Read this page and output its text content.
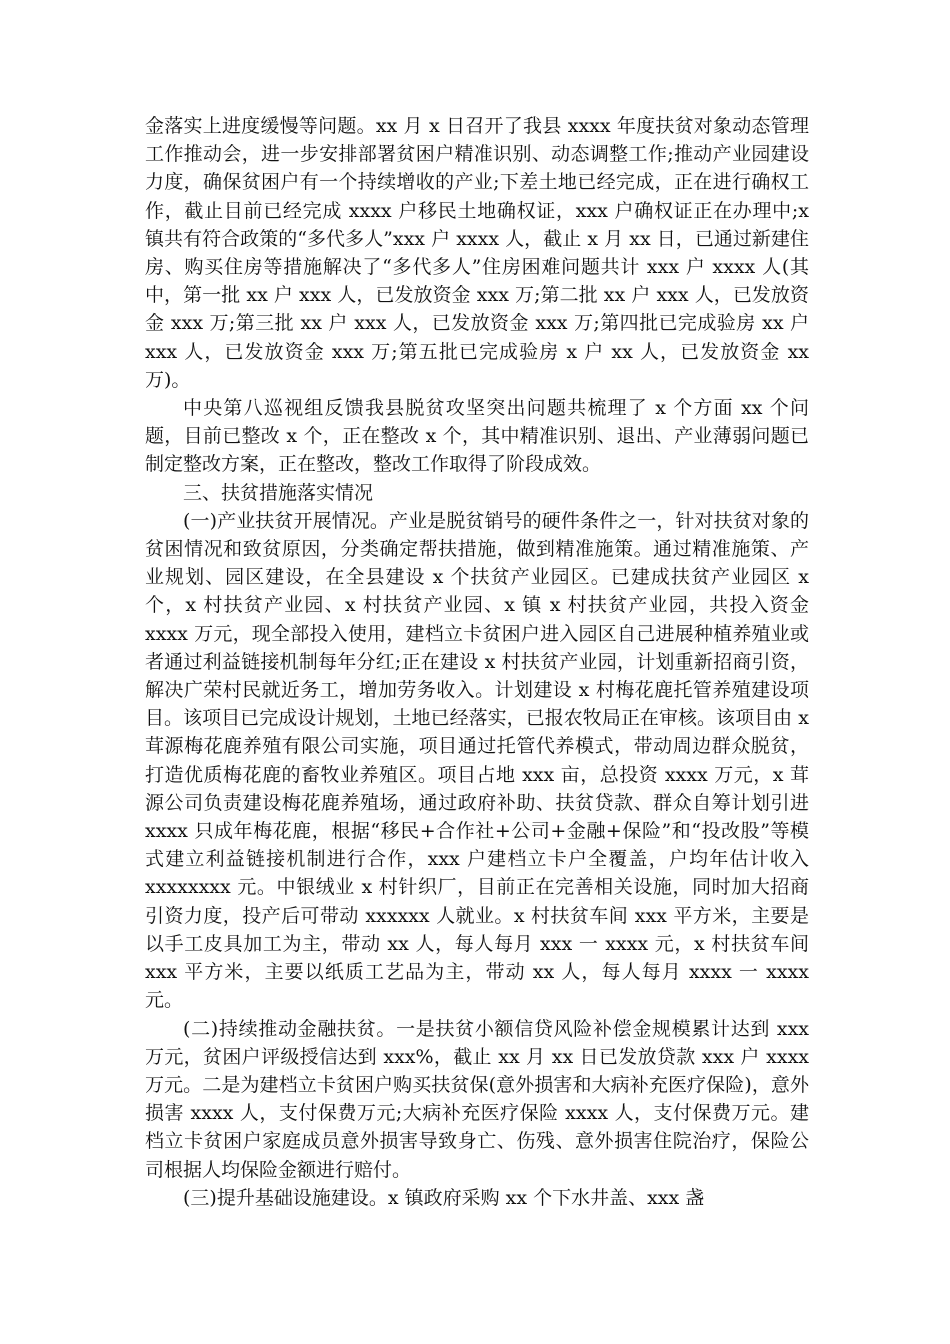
金落实上进度缓慢等问题。xx 月 x 日召开了我县 xxxx 年度扶贫对象动态管理工作推动会，进一步安排部署贫困户精准识别、动态调整工作;推动产业园建设力度，确保贫困户有一个持续增收的产业;下差土地已经完成，正在进行确权工作，截止目前已经完成 xxxx 户移民土地确权证，xxx 户确权证正在办理中;x 镇共有符合政策的“多代多人”xxx 户 xxxx 人，截止 x 月 xx 日，已通过新建住房、购买住房等措施解决了“多代多人”住房困难问题共计 xxx 户 xxxx 人(其中，第一批 xx 户 xxx 人，已发放资金 xxx 万;第二批 xx 户 xxx 人，已发放资金 xxx 万;第三批 xx 户 xxx 人，已发放资金 xxx 万;第四批已完成验房 xx 户 xxx 人，已发放资金 xxx 万;第五批已完成验房 x 户 xx 人，已发放资金 xx 万)。

中央第八巡视组反馈我县脱贫攻坚突出问题共梳理了 x 个方面 xx 个问题，目前已整改 x 个，正在整改 x 个，其中精准识别、退出、产业薄弱问题已制定整改方案，正在整改，整改工作取得了阶段成效。

三、扶贫措施落实情况

(一)产业扶贫开展情况。产业是脱贫销号的硬件条件之一，针对扶贫对象的贫困情况和致贫原因，分类确定帮扶措施，做到精准施策。通过精准施策、产业规划、园区建设，在全县建设 x 个扶贫产业园区。已建成扶贫产业园区 x 个，x 村扶贫产业园、x 村扶贫产业园、x 镇 x 村扶贫产业园，共投入资金 xxxx 万元，现全部投入使用，建档立卡贫困户进入园区自己进展种植养殖业或者通过利益链接机制每年分红;正在建设 x 村扶贫产业园，计划重新招商引资，解决广荣村民就近务工，增加劳务收入。计划建设 x 村梅花鹿托管养殖建设项目。该项目已完成设计规划，土地已经落实，已报农牧局正在审核。该项目由 x 茸源梅花鹿养殖有限公司实施，项目通过托管代养模式，带动周边群众脱贫，打造优质梅花鹿的畜牧业养殖区。项目占地 xxx 亩，总投资 xxxx 万元，x 茸源公司负责建设梅花鹿养殖场，通过政府补助、扶贫贷款、群众自筹计划引进 xxxx 只成年梅花鹿，根据“移民+合作社+公司+金融+保险”和“投改股”等模式建立利益链接机制进行合作，xxx 户建档立卡户全覆盖，户均年估计收入 xxxxxxxx 元。中银绒业 x 村针织厂，目前正在完善相关设施，同时加大招商引资力度，投产后可带动 xxxxxx 人就业。x 村扶贫车间 xxx 平方米，主要是以手工皮具加工为主，带动 xx 人，每人每月 xxx 一 xxxx 元，x 村扶贫车间 xxx 平方米，主要以纸质工艺品为主，带动 xx 人，每人每月 xxxx 一 xxxx 元。

(二)持续推动金融扶贫。一是扶贫小额信贷风险补偿金规模累计达到 xxx 万元，贫困户评级授信达到 xxx%，截止 xx 月 xx 日已发放贷款 xxx 户 xxxx 万元。二是为建档立卡贫困户购买扶贫保(意外损害和大病补充医疗保险)，意外损害 xxxx 人，支付保费万元;大病补充医疗保险 xxxx 人，支付保费万元。建档立卡贫困户家庭成员意外损害导致身亡、伤残、意外损害住院治疗，保险公司根据人均保险金额进行赔付。

(三)提升基础设施建设。x 镇政府采购 xx 个下水井盖、xxx 盏
